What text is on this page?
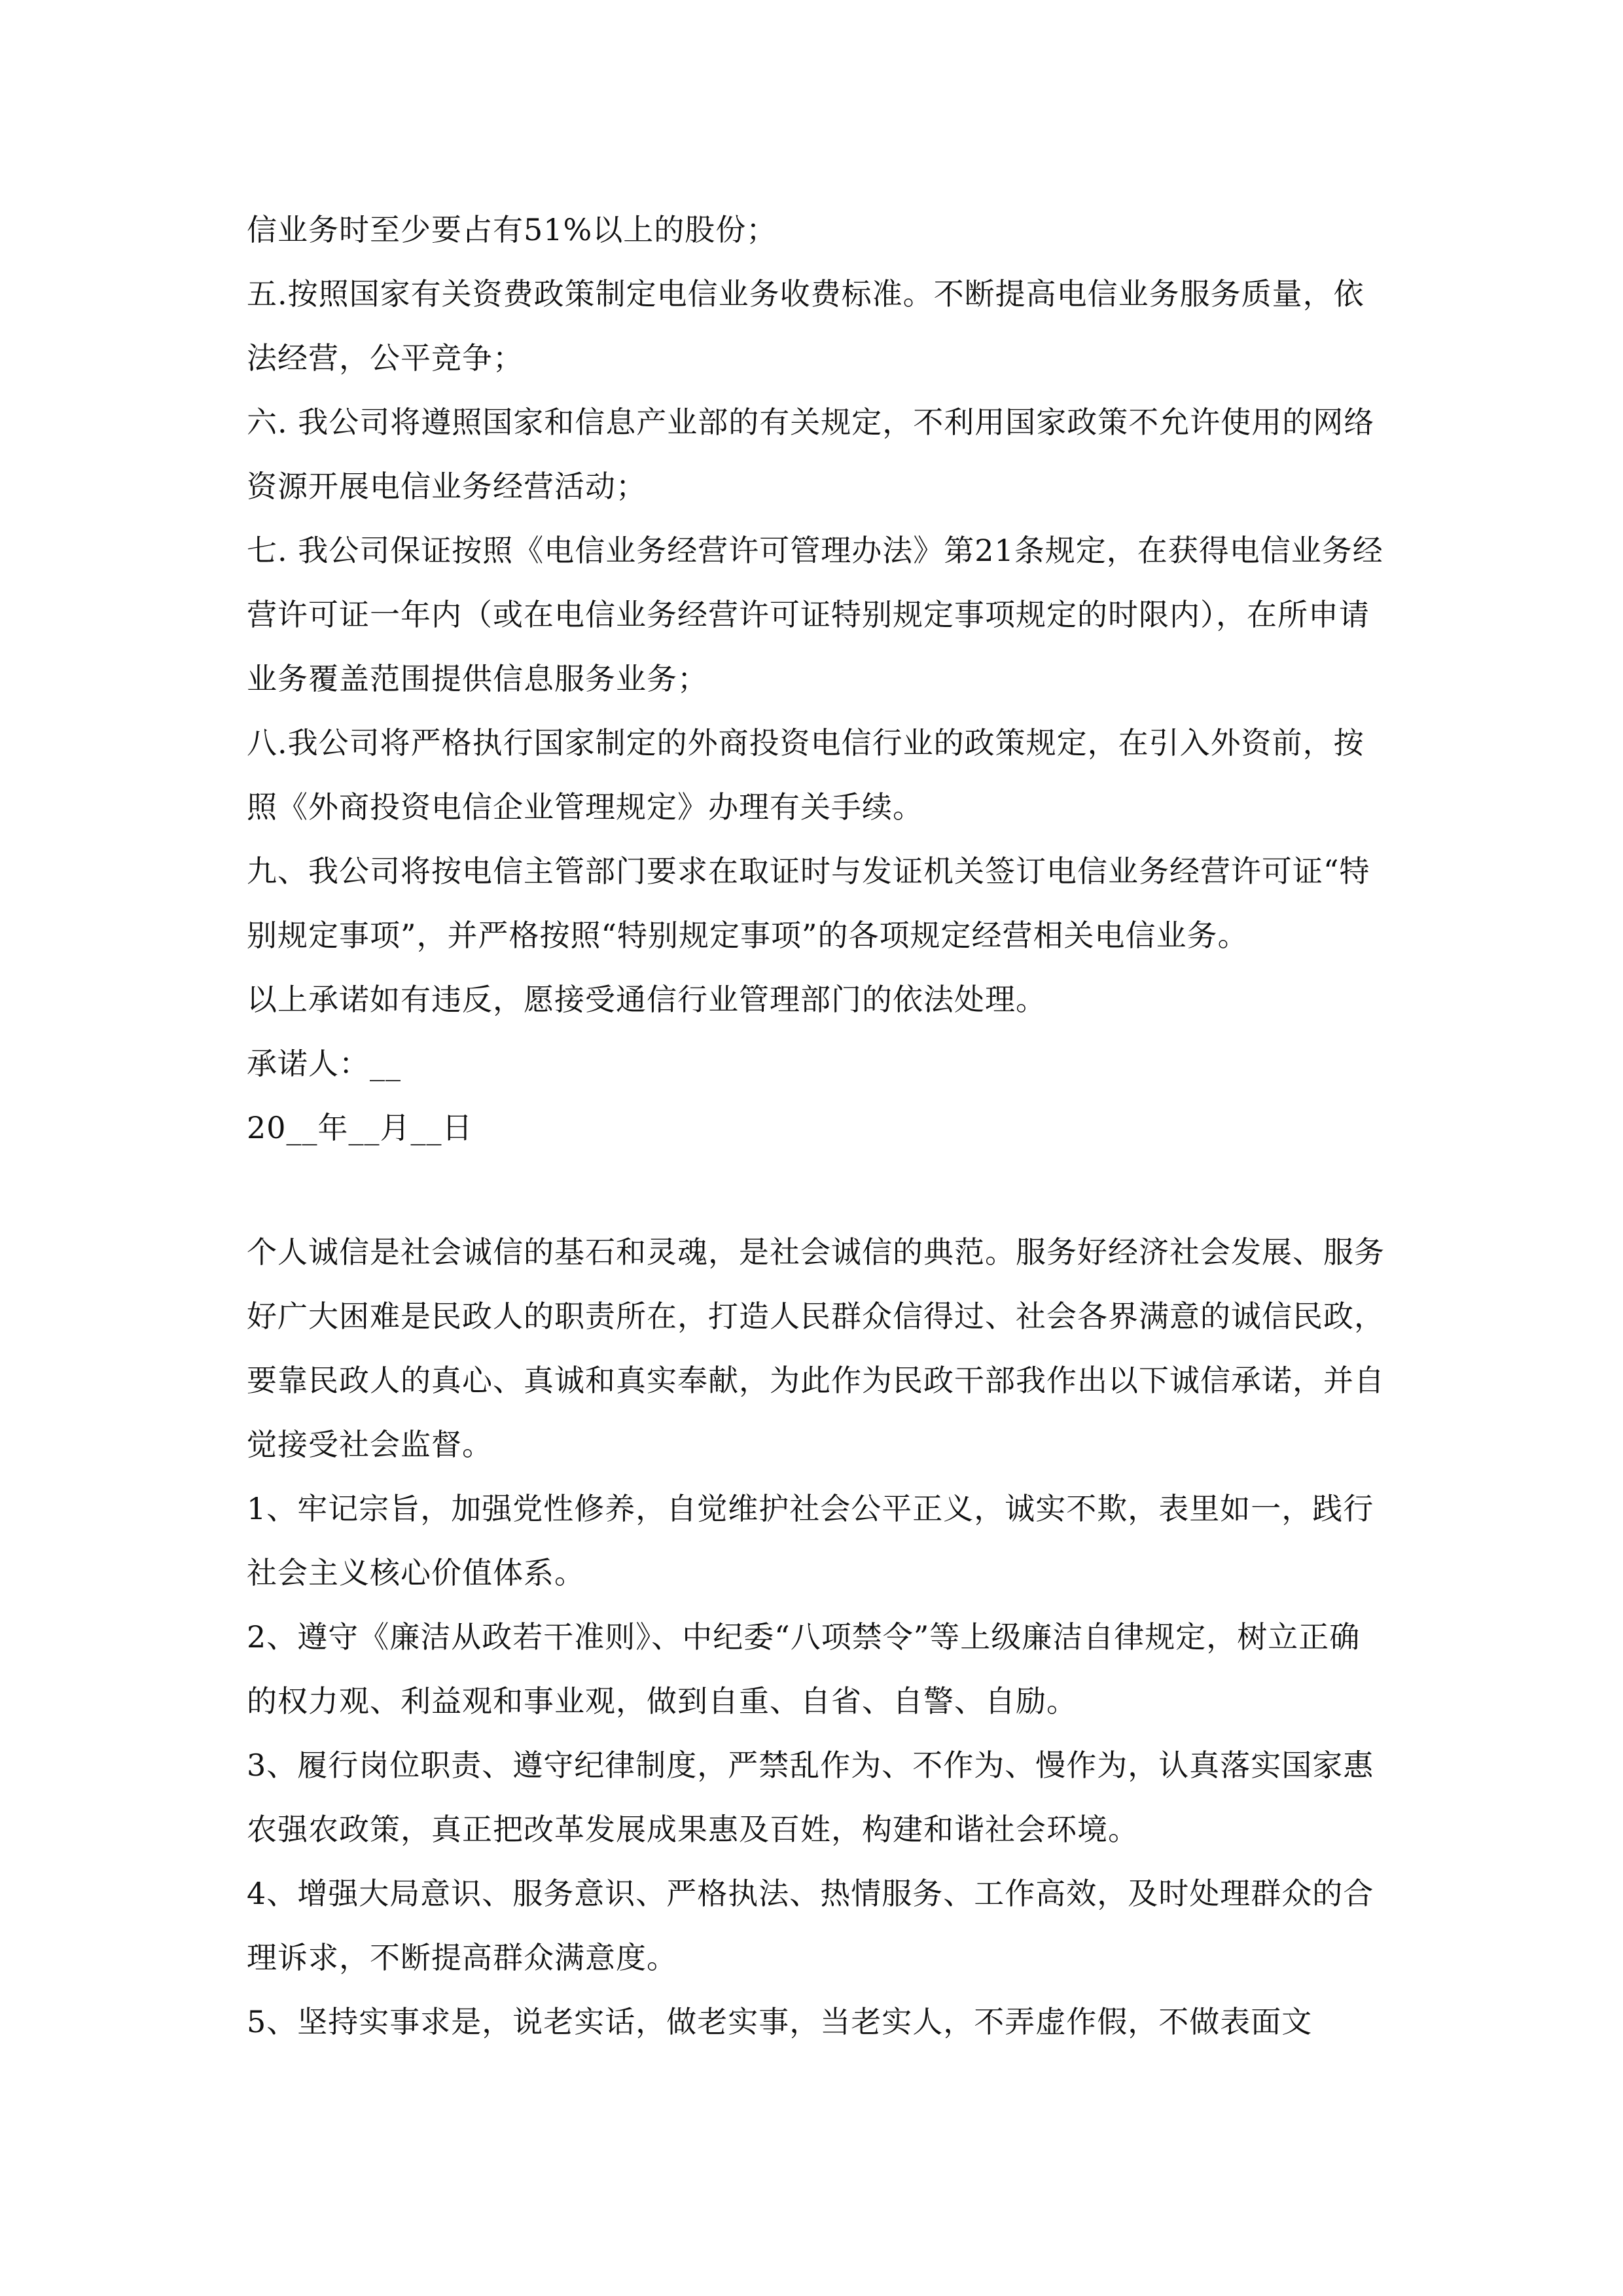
信业务时至少要占有51%以上的股份；

五.按照国家有关资费政策制定电信业务收费标准。不断提高电信业务服务质量，依法经营，公平竞争；

六. 我公司将遵照国家和信息产业部的有关规定，不利用国家政策不允许使用的网络资源开展电信业务经营活动；

七. 我公司保证按照《电信业务经营许可管理办法》第21条规定，在获得电信业务经营许可证一年内（或在电信业务经营许可证特别规定事项规定的时限内），在所申请业务覆盖范围提供信息服务业务；

八.我公司将严格执行国家制定的外商投资电信行业的政策规定，在引入外资前，按照《外商投资电信企业管理规定》办理有关手续。

九、我公司将按电信主管部门要求在取证时与发证机关签订电信业务经营许可证“特别规定事项”，并严格按照“特别规定事项”的各项规定经营相关电信业务。

以上承诺如有违反，愿接受通信行业管理部门的依法处理。

承诺人：__

20__年__月__日

个人诚信是社会诚信的基石和灵魂，是社会诚信的典范。服务好经济社会发展、服务好广大困难是民政人的职责所在，打造人民群众信得过、社会各界满意的诚信民政，要靠民政人的真心、真诚和真实奉献，为此作为民政干部我作出以下诚信承诺，并自觉接受社会监督。

1、牢记宗旨，加强党性修养，自觉维护社会公平正义，诚实不欺，表里如一，践行社会主义核心价值体系。

2、遵守《廉洁从政若干准则》、中纪委“八项禁令”等上级廉洁自律规定，树立正确的权力观、利益观和事业观，做到自重、自省、自警、自励。

3、履行岗位职责、遵守纪律制度，严禁乱作为、不作为、慢作为，认真落实国家惠农强农政策，真正把改革发展成果惠及百姓，构建和谐社会环境。

4、增强大局意识、服务意识、严格执法、热情服务、工作高效，及时处理群众的合理诉求，不断提高群众满意度。

5、坚持实事求是，说老实话，做老实事，当老实人，不弄虚作假，不做表面文
